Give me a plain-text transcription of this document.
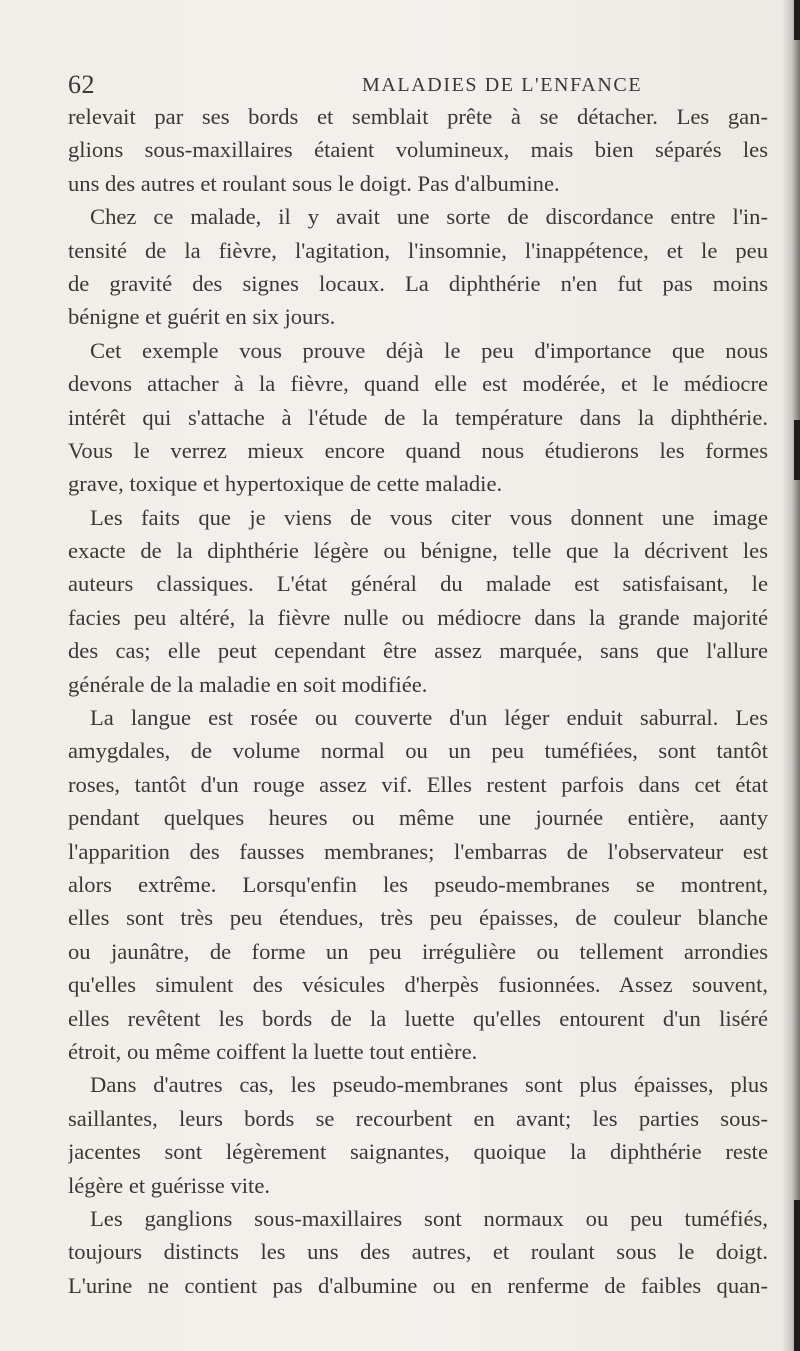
62	MALADIES DE L'ENFANCE
relevait par ses bords et semblait prête à se détacher. Les gan-
glions sous-maxillaires étaient volumineux, mais bien séparés les
uns des autres et roulant sous le doigt. Pas d'albumine.
Chez ce malade, il y avait une sorte de discordance entre l'in-
tensité de la fièvre, l'agitation, l'insomnie, l'inappétence, et le peu
de gravité des signes locaux. La diphthérie n'en fut pas moins
bénigne et guérit en six jours.
Cet exemple vous prouve déjà le peu d'importance que nous
devons attacher à la fièvre, quand elle est modérée, et le médiocre
intérêt qui s'attache à l'étude de la température dans la diphthérie.
Vous le verrez mieux encore quand nous étudierons les formes
grave, toxique et hypertoxique de cette maladie.
Les faits que je viens de vous citer vous donnent une image
exacte de la diphthérie légère ou bénigne, telle que la décrivent les
auteurs classiques. L'état général du malade est satisfaisant, le
facies peu altéré, la fièvre nulle ou médiocre dans la grande majorité
des cas; elle peut cependant être assez marquée, sans que l'allure
générale de la maladie en soit modifiée.
La langue est rosée ou couverte d'un léger enduit saburral. Les
amygdales, de volume normal ou un peu tuméfiées, sont tantôt
roses, tantôt d'un rouge assez vif. Elles restent parfois dans cet état
pendant quelques heures ou même une journée entière, aanty
l'apparition des fausses membranes; l'embarras de l'observateur est
alors extrême. Lorsqu'enfin les pseudo-membranes se montrent,
elles sont très peu étendues, très peu épaisses, de couleur blanche
ou jaunâtre, de forme un peu irrégulière ou tellement arrondies
qu'elles simulent des vésicules d'herpès fusionnées. Assez souvent,
elles revêtent les bords de la luette qu'elles entourent d'un liséré
étroit, ou même coiffent la luette tout entière.
Dans d'autres cas, les pseudo-membranes sont plus épaisses, plus
saillantes, leurs bords se recourbent en avant; les parties sous-
jacentes sont légèrement saignantes, quoique la diphthérie reste
légère et guérisse vite.
Les ganglions sous-maxillaires sont normaux ou peu tuméfiés,
toujours distincts les uns des autres, et roulant sous le doigt.
L'urine ne contient pas d'albumine ou en renferme de faibles quan-
